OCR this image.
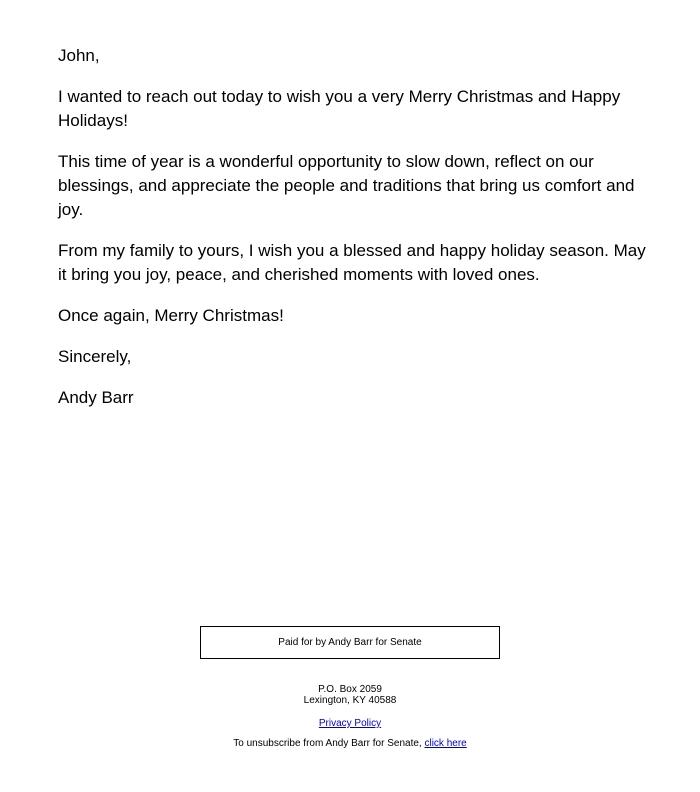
John,

I wanted to reach out today to wish you a very Merry Christmas and Happy Holidays!

This time of year is a wonderful opportunity to slow down, reflect on our blessings, and appreciate the people and traditions that bring us comfort and joy.

From my family to yours, I wish you a blessed and happy holiday season. May it bring you joy, peace, and cherished moments with loved ones.

Once again, Merry Christmas!

Sincerely,

Andy Barr

Paid for by Andy Barr for Senate
P.O. Box 2059
Lexington, KY 40588
Privacy Policy
To unsubscribe from Andy Barr for Senate, click here
